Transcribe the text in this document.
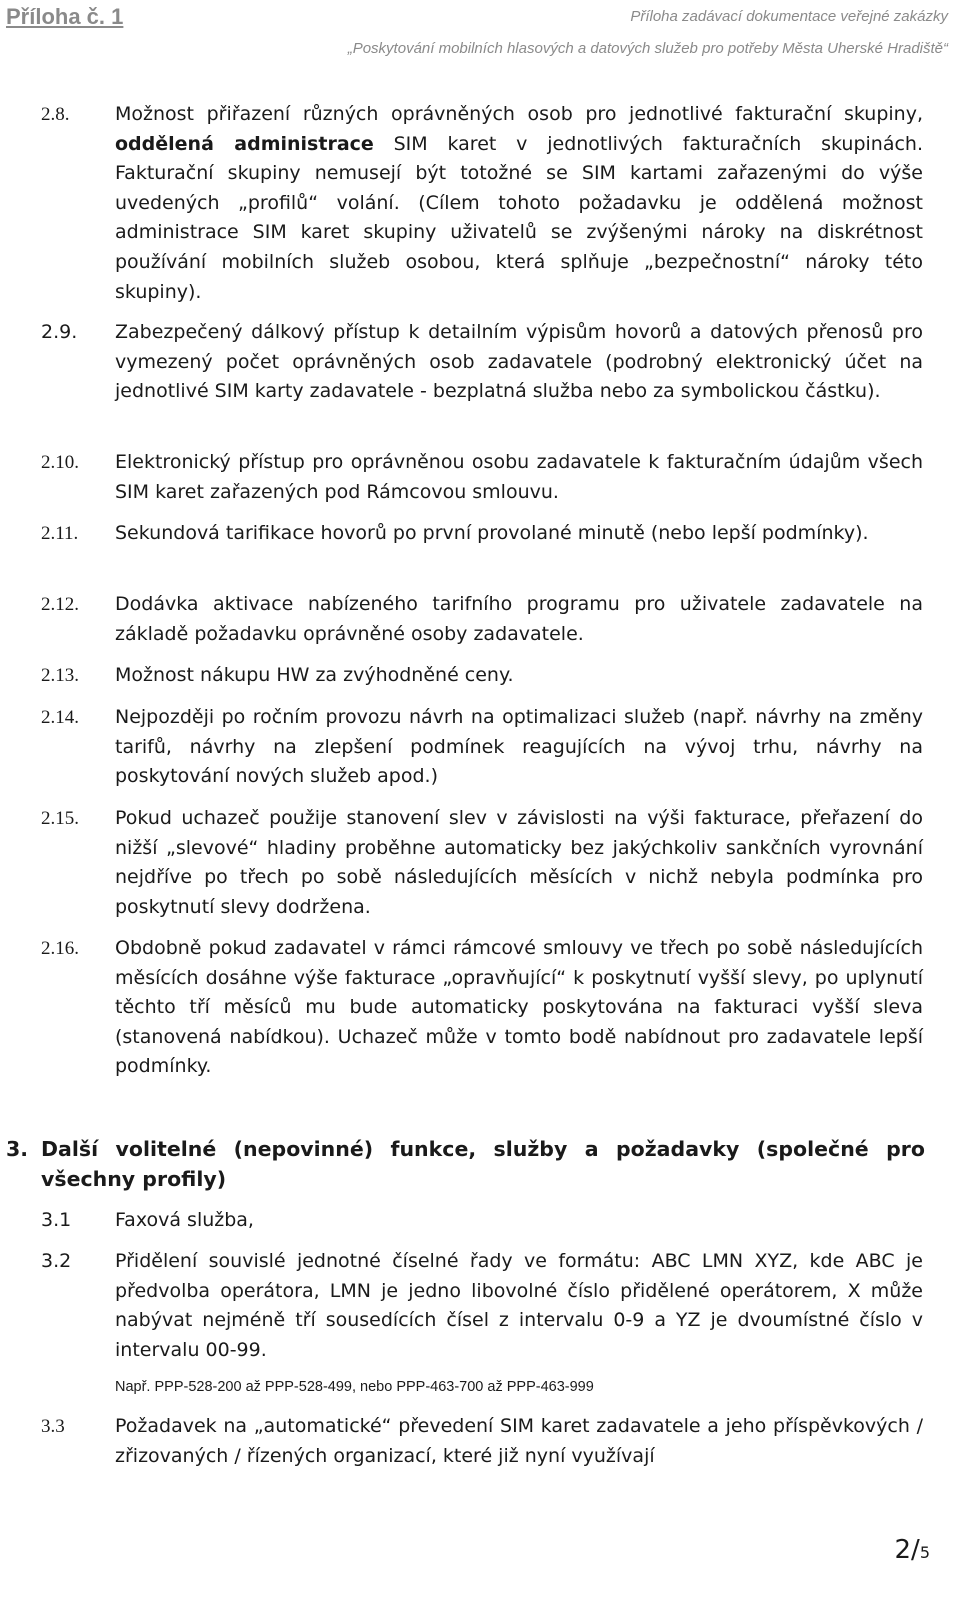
Příloha č. 1	Příloha zadávací dokumentace veřejné zakázky
„Poskytování mobilních hlasových a datových služeb pro potřeby Města Uherské Hradiště“
2.8. Možnost přiřazení různých oprávněných osob pro jednotlivé fakturační skupiny, oddělená administrace SIM karet v jednotlivých fakturačních skupinách. Fakturační skupiny nemusejí být totožné se SIM kartami zařazenými do výše uvedených „profilů“ volání. (Cílem tohoto požadavku je oddělená možnost administrace SIM karet skupiny uživatelů se zvýšenými nároky na diskrétnost používání mobilních služeb osobou, která splňuje „bezpečnostní“ nároky této skupiny).
2.9. Zabezpečený dálkový přístup k detailním výpisům hovorů a datových přenosů pro vymezený počet oprávněných osob zadavatele (podrobný elektronický účet na jednotlivé SIM karty zadavatele - bezplatná služba nebo za symbolickou částku).
2.10. Elektronický přístup pro oprávněnou osobu zadavatele k fakturačním údajům všech SIM karet zařazených pod Rámcovou smlouvu.
2.11. Sekundová tarifikace hovorů po první provolané minutě (nebo lepší podmínky).
2.12. Dodávka aktivace nabízeného tarifního programu pro uživatele zadavatele na základě požadavku oprávněné osoby zadavatele.
2.13. Možnost nákupu HW za zvýhodněné ceny.
2.14. Nejpozději po ročním provozu návrh na optimalizaci služeb (např. návrhy na změny tarifů, návrhy na zlepšení podmínek reagujících na vývoj trhu, návrhy na poskytování nových služeb apod.)
2.15. Pokud uchazeč použije stanovení slev v závislosti na výši fakturace, přeřazení do nižší „slevové“ hladiny proběhne automaticky bez jakýchkoliv sankčních vyrovnání nejdříve po třech po sobě následujících měsících v nichž nebyla podmínka pro poskytnutí slevy dodržena.
2.16. Obdobně pokud zadavatel v rámci rámcové smlouvy ve třech po sobě následujících měsících dosáhne výše fakturace „opravňující“ k poskytnutí vyšší slevy, po uplynutí těchto tří měsíců mu bude automaticky poskytována na fakturaci vyšší sleva (stanovená nabídkou). Uchazeč může v tomto bodě nabídnout pro zadavatele lepší podmínky.
3. Další volitelné (nepovinné) funkce, služby a požadavky (společné pro všechny profily)
3.1 Faxová služba,
3.2 Přidělení souvislé jednotné číselné řady ve formátu: ABC LMN XYZ, kde ABC je předvolba operátora, LMN je jedno libovolné číslo přidělené operátorem, X může nabývat nejméně tří sousedících čísel z intervalu 0-9 a YZ je dvoumístné číslo v intervalu 00-99.
Např. PPP-528-200 až PPP-528-499, nebo PPP-463-700 až PPP-463-999
3.3	Požadavek na „automatické“ převedení SIM karet zadavatele a jeho příspěvkových / zřizovaných / řízených organizací, které již nyní využívají
2/5
